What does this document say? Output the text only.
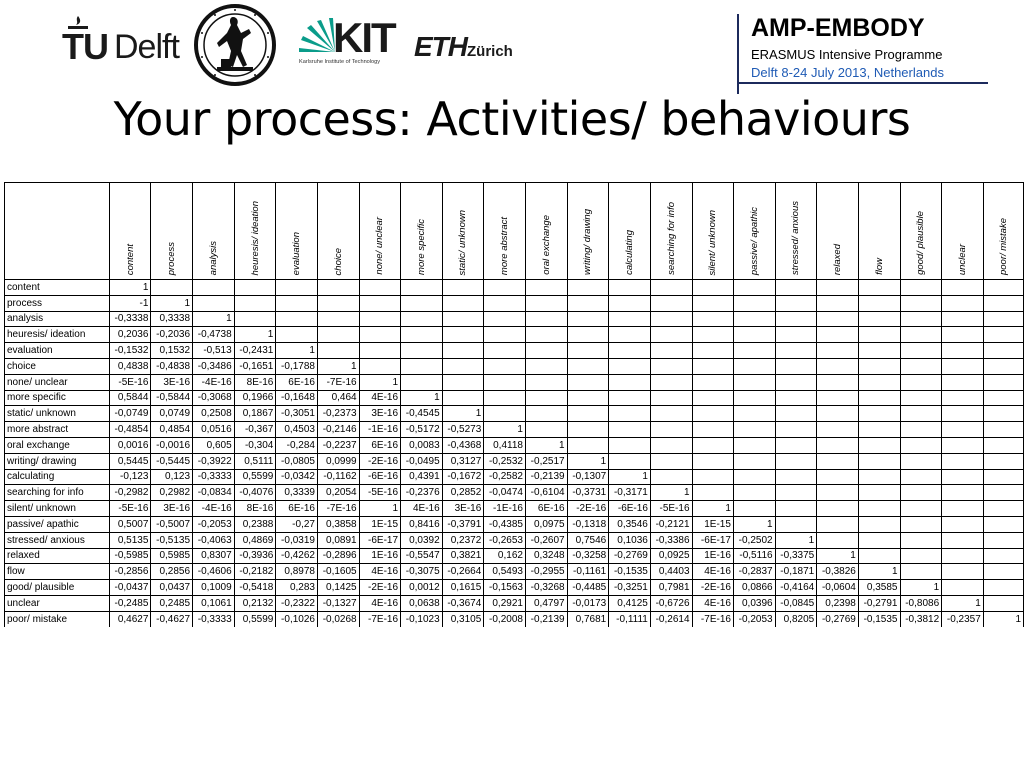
TU Delft	KIT
Karlsruhe Institute of Technology ETHZürich
AMP-EMBODY
ERASMUS Intensive Programme
Delft 8-24 July 2013, Netherlands
Your process: Activities/ behaviours

	content	process	analysis	heuresis/ ideation	evaluation	choice	none/ unclear	more specific	static/ unknown	more abstract	oral exchange	writing/ drawing	calculating	searching for info	silent/ unknown	passive/ apathic	stressed/ anxious	relaxed	flow	good/ plausible	unclear	poor/ mistake

content	1																					
process	-1	1																				
analysis	-0,3338	0,3338	1																			
heuresis/ ideation	0,2036	-0,2036	-0,4738	1																		
evaluation	-0,1532	0,1532	-0,513	-0,2431	1																	
choice	0,4838	-0,4838	-0,3486	-0,1651	-0,1788	1																
none/ unclear	-5E-16	3E-16	-4E-16	8E-16	6E-16	-7E-16	1															
more specific	0,5844	-0,5844	-0,3068	0,1966	-0,1648	0,464	4E-16	1														
static/ unknown	-0,0749	0,0749	0,2508	0,1867	-0,3051	-0,2373	3E-16	-0,4545	1													
more abstract	-0,4854	0,4854	0,0516	-0,367	0,4503	-0,2146	-1E-16	-0,5172	-0,5273	1												
oral exchange	0,0016	-0,0016	0,605	-0,304	-0,284	-0,2237	6E-16	0,0083	-0,4368	0,4118	1											
writing/ drawing	0,5445	-0,5445	-0,3922	0,5111	-0,0805	0,0999	-2E-16	-0,0495	0,3127	-0,2532	-0,2517	1										
calculating	-0,123	0,123	-0,3333	0,5599	-0,0342	-0,1162	-6E-16	0,4391	-0,1672	-0,2582	-0,2139	-0,1307	1									
searching for info	-0,2982	0,2982	-0,0834	-0,4076	0,3339	0,2054	-5E-16	-0,2376	0,2852	-0,0474	-0,6104	-0,3731	-0,3171	1								
silent/ unknown	-5E-16	3E-16	-4E-16	8E-16	6E-16	-7E-16	1	4E-16	3E-16	-1E-16	6E-16	-2E-16	-6E-16	-5E-16	1							
passive/ apathic	0,5007	-0,5007	-0,2053	0,2388	-0,27	0,3858	1E-15	0,8416	-0,3791	-0,4385	0,0975	-0,1318	0,3546	-0,2121	1E-15	1						
stressed/ anxious	0,5135	-0,5135	-0,4063	0,4869	-0,0319	0,0891	-6E-17	0,0392	0,2372	-0,2653	-0,2607	0,7546	0,1036	-0,3386	-6E-17	-0,2502	1					
relaxed	-0,5985	0,5985	0,8307	-0,3936	-0,4262	-0,2896	1E-16	-0,5547	0,3821	0,162	0,3248	-0,3258	-0,2769	0,0925	1E-16	-0,5116	-0,3375	1				
flow	-0,2856	0,2856	-0,4606	-0,2182	0,8978	-0,1605	4E-16	-0,3075	-0,2664	0,5493	-0,2955	-0,1161	-0,1535	0,4403	4E-16	-0,2837	-0,1871	-0,3826	1			
good/ plausible	-0,0437	0,0437	0,1009	-0,5418	0,283	0,1425	-2E-16	0,0012	0,1615	-0,1563	-0,3268	-0,4485	-0,3251	0,7981	-2E-16	0,0866	-0,4164	-0,0604	0,3585	1		
unclear	-0,2485	0,2485	0,1061	0,2132	-0,2322	-0,1327	4E-16	0,0638	-0,3674	0,2921	0,4797	-0,0173	0,4125	-0,6726	4E-16	0,0396	-0,0845	0,2398	-0,2791	-0,8086	1	
poor/ mistake	0,4627	-0,4627	-0,3333	0,5599	-0,1026	-0,0268	-7E-16	-0,1023	0,3105	-0,2008	-0,2139	0,7681	-0,1111	-0,2614	-7E-16	-0,2053	0,8205	-0,2769	-0,1535	-0,3812	-0,2357	1
